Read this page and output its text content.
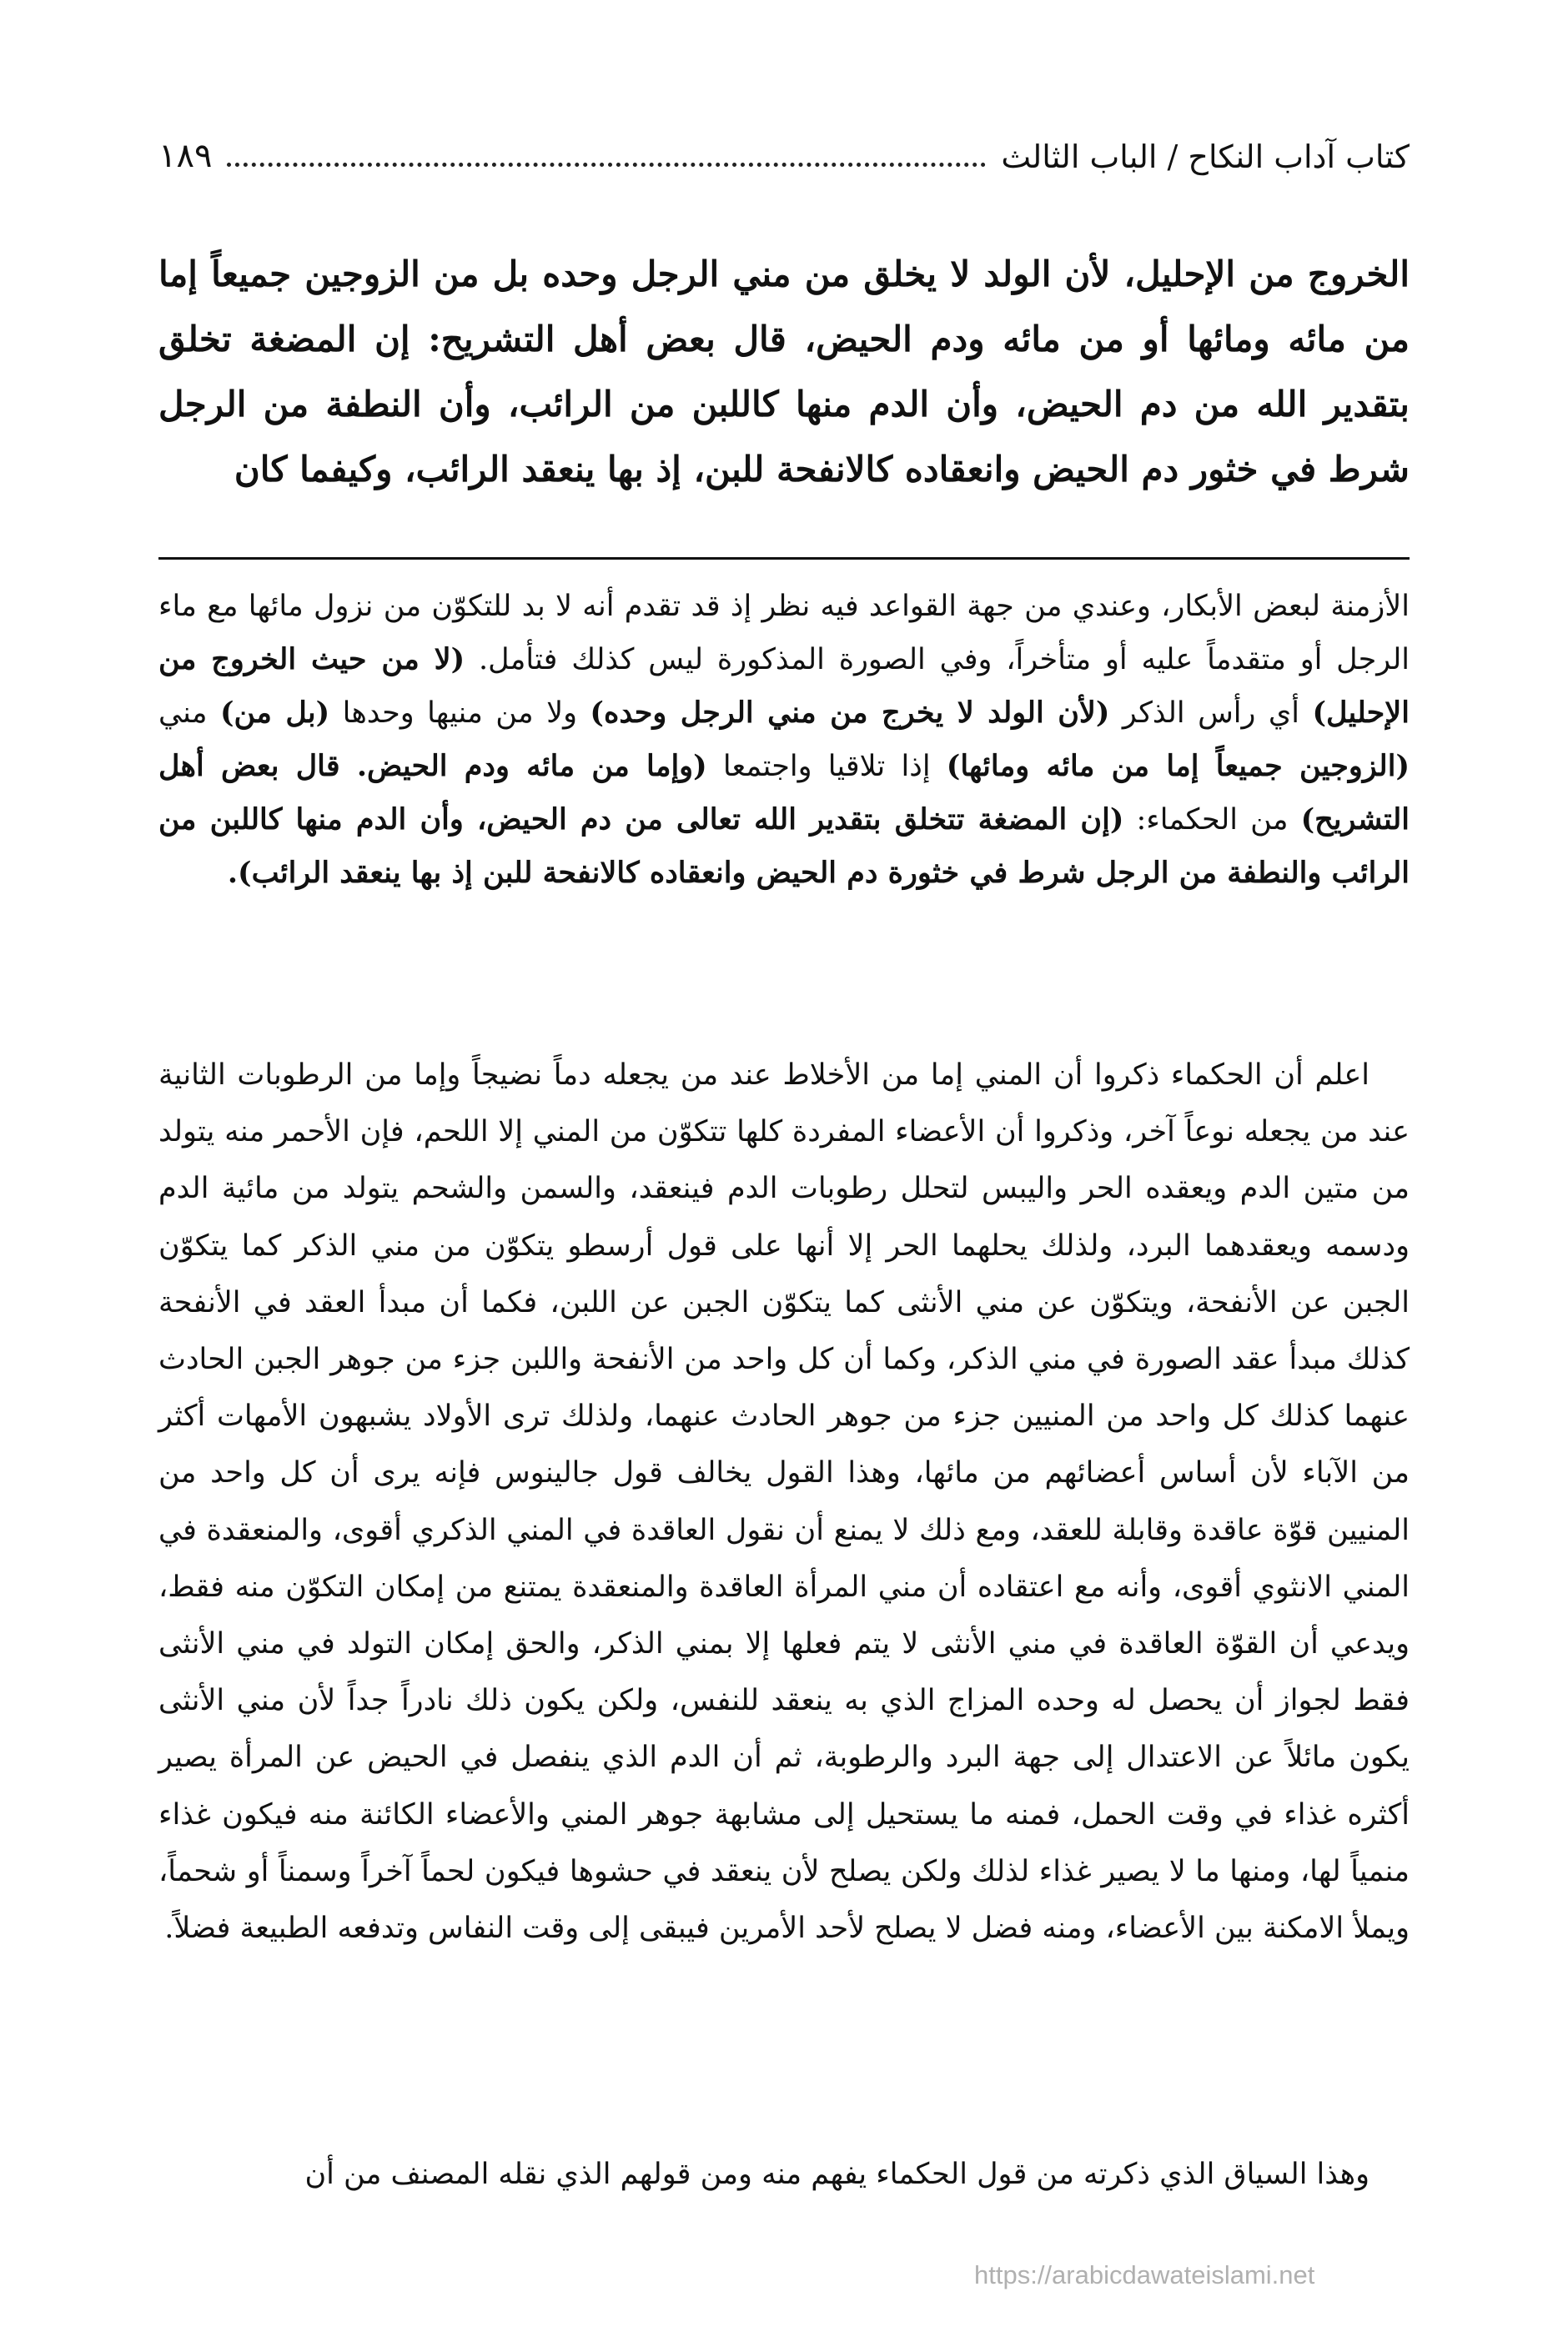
كتاب آداب النكاح / الباب الثالث
١٨٩

الخروج من الإحليل، لأن الولد لا يخلق من مني الرجل وحده بل من الزوجين جميعاً إما من مائه ومائها أو من مائه ودم الحيض، قال بعض أهل التشريح: إن المضغة تخلق بتقدير الله من دم الحيض، وأن الدم منها كاللبن من الرائب، وأن النطفة من الرجل شرط في خثور دم الحيض وانعقاده كالانفحة للبن، إذ بها ينعقد الرائب، وكيفما كان

الأزمنة لبعض الأبكار، وعندي من جهة القواعد فيه نظر إذ قد تقدم أنه لا بد للتكوّن من نزول مائها مع ماء الرجل أو متقدماً عليه أو متأخراً، وفي الصورة المذكورة ليس كذلك فتأمل. (لا من حيث الخروج من الإحليل) أي رأس الذكر (لأن الولد لا يخرج من مني الرجل وحده) ولا من منيها وحدها (بل من) مني (الزوجين جميعاً إما من مائه ومائها) إذا تلاقيا واجتمعا (وإما من مائه ودم الحيض. قال بعض أهل التشريح) من الحكماء: (إن المضغة تتخلق بتقدير الله تعالى من دم الحيض، وأن الدم منها كاللبن من الرائب والنطفة من الرجل شرط في خثورة دم الحيض وانعقاده كالانفحة للبن إذ بها ينعقد الرائب).

اعلم أن الحكماء ذكروا أن المني إما من الأخلاط عند من يجعله دماً نضيجاً وإما من الرطوبات الثانية عند من يجعله نوعاً آخر، وذكروا أن الأعضاء المفردة كلها تتكوّن من المني إلا اللحم، فإن الأحمر منه يتولد من متين الدم ويعقده الحر واليبس لتحلل رطوبات الدم فينعقد، والسمن والشحم يتولد من مائية الدم ودسمه ويعقدهما البرد، ولذلك يحلهما الحر إلا أنها على قول أرسطو يتكوّن من مني الذكر كما يتكوّن الجبن عن الأنفحة، ويتكوّن عن مني الأنثى كما يتكوّن الجبن عن اللبن، فكما أن مبدأ العقد في الأنفحة كذلك مبدأ عقد الصورة في مني الذكر، وكما أن كل واحد من الأنفحة واللبن جزء من جوهر الجبن الحادث عنهما كذلك كل واحد من المنيين جزء من جوهر الحادث عنهما، ولذلك ترى الأولاد يشبهون الأمهات أكثر من الآباء لأن أساس أعضائهم من مائها، وهذا القول يخالف قول جالينوس فإنه يرى أن كل واحد من المنيين قوّة عاقدة وقابلة للعقد، ومع ذلك لا يمنع أن نقول العاقدة في المني الذكري أقوى، والمنعقدة في المني الانثوي أقوى، وأنه مع اعتقاده أن مني المرأة العاقدة والمنعقدة يمتنع من إمكان التكوّن منه فقط، ويدعي أن القوّة العاقدة في مني الأنثى لا يتم فعلها إلا بمني الذكر، والحق إمكان التولد في مني الأنثى فقط لجواز أن يحصل له وحده المزاج الذي به ينعقد للنفس، ولكن يكون ذلك نادراً جداً لأن مني الأنثى يكون مائلاً عن الاعتدال إلى جهة البرد والرطوبة، ثم أن الدم الذي ينفصل في الحيض عن المرأة يصير أكثره غذاء في وقت الحمل، فمنه ما يستحيل إلى مشابهة جوهر المني والأعضاء الكائنة منه فيكون غذاء منمياً لها، ومنها ما لا يصير غذاء لذلك ولكن يصلح لأن ينعقد في حشوها فيكون لحماً آخراً وسمناً أو شحماً، ويملأ الامكنة بين الأعضاء، ومنه فضل لا يصلح لأحد الأمرين فيبقى إلى وقت النفاس وتدفعه الطبيعة فضلاً.

وهذا السياق الذي ذكرته من قول الحكماء يفهم منه ومن قولهم الذي نقله المصنف من أن

https://arabicdawateislami.net
